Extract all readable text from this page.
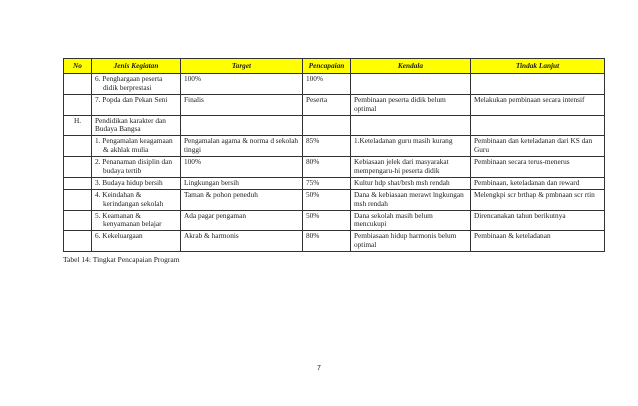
No	Jenis Kegiatan	Target	Pencapaian	Kendala	Tindak Lanjut

	6. Penghargaan peserta
didik berprestasi	100%	100%		

	7. Popda dan Pekan Seni	Finalis	Peserta	Pembinaan peserta didik belum optimal	Melakukan pembinaan secara intensif
H.	Pendidikan karakter dan Budaya Bangsa				

	1. Pengamalan keagamaan
& akhlak mulia	Pengamalan agama & norma d sekolah tinggi	85%	1.Keteladanan guru masih kurang	Pembinaan dan keteladanan dari KS dan Guru

	2. Penanaman disiplin dan
budaya tertib	100%	80%	Kebiasaan jelek dari masyarakat mempengaru-hi peserta didik	Pembinaan secara terus-menerus

	3. Budaya hidup bersih	Lingkungan bersih	75%	Kultur hdp shat/brsh msh rendah	Pembinaan, keteladanan dan reward

	4. Keindahan &
kerindangan sekolah	Taman & pohon peneduh	50%	Dana & kebiasaan merawt lngkungan msh rendah	Melengkpi scr brthap & pmbnaan scr rtin

	5. Keamanan &
kenyamanan belajar	Ada pagar pengaman	50%	Dana sekolah masih belum mencukupi	Direncanakan tahun berikutnya

	6. Kekeluargaan	Akrab & harmonis	80%	Pembiasaan hidup harmonis belum optimal	Pembinaan & keteladanan
Tabel 14: Tingkat Pencapaian Program
7
